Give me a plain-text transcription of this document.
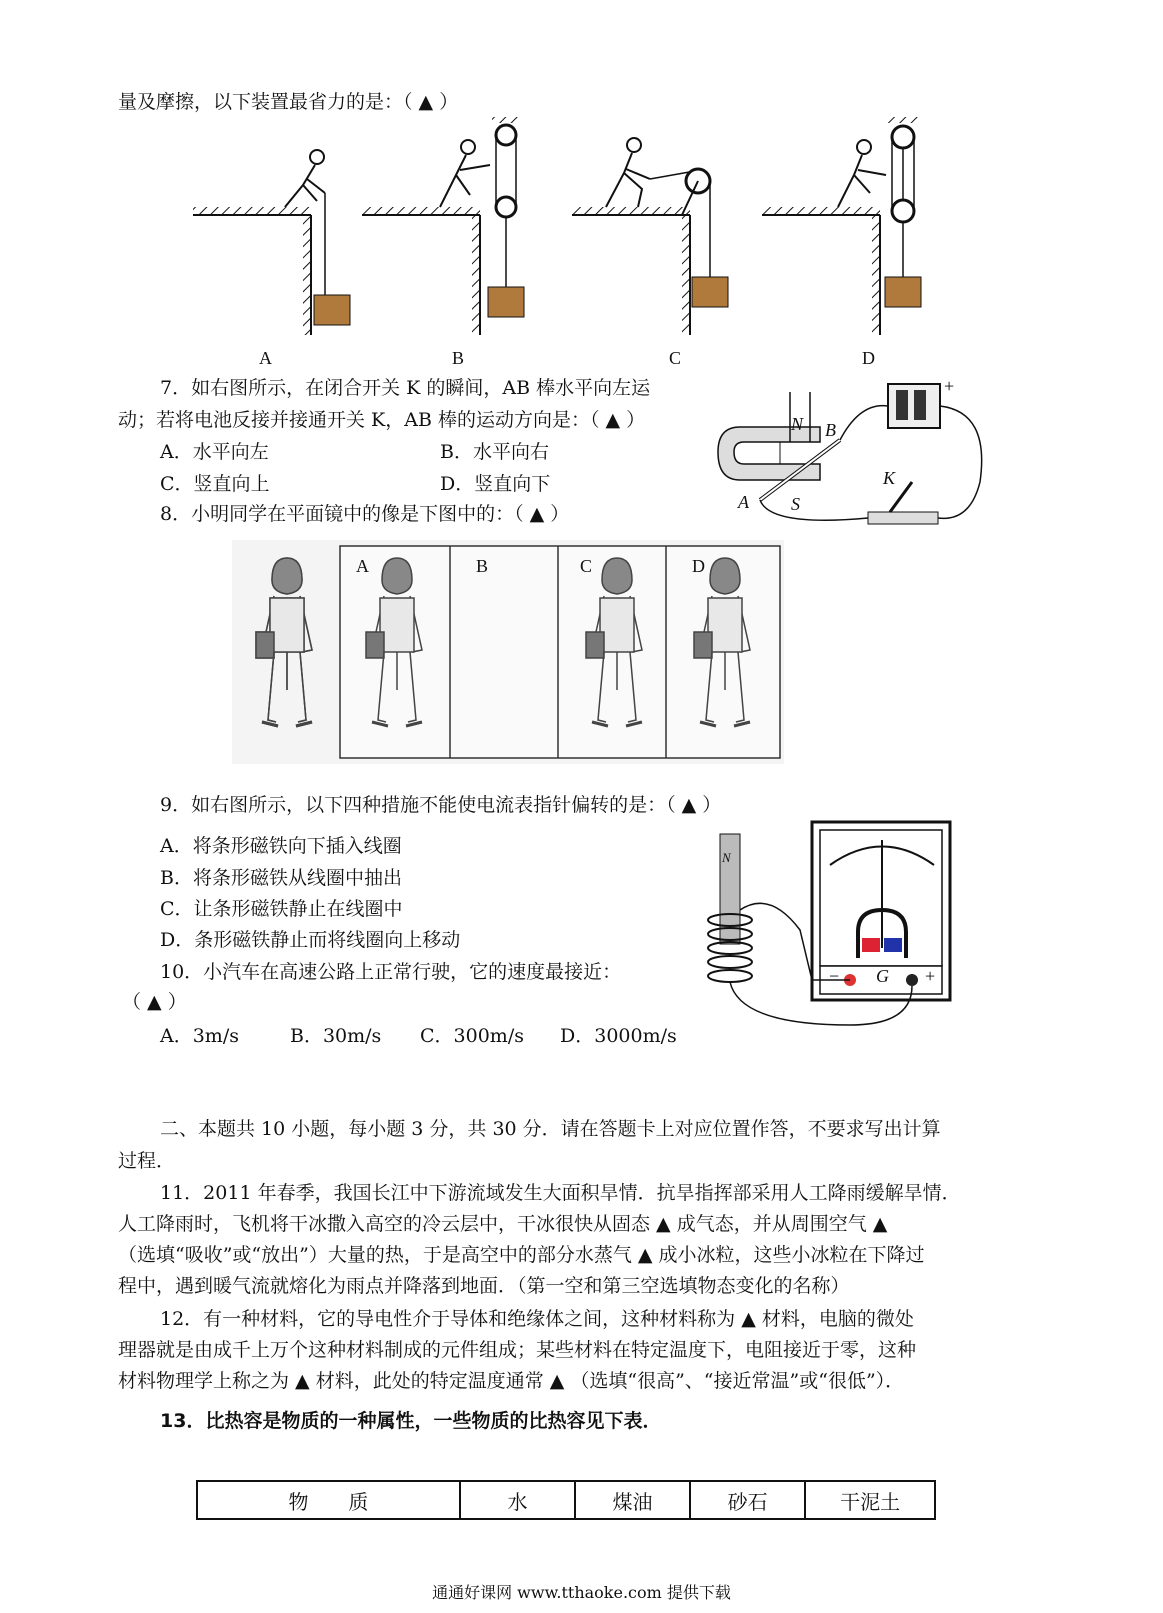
量及摩擦，以下装置最省力的是：（ ▲ ）
A	B	C	D
7．如右图所示，在闭合开关 K 的瞬间，AB 棒水平向左运
动；若将电池反接并接通开关 K，AB 棒的运动方向是：（ ▲ ）
A．水平向左	B．水平向右
C．竖直向上	D．竖直向下
N B
A S
K
+
8．小明同学在平面镜中的像是下图中的：（ ▲ ）
A	B	C	D
9．如右图所示，以下四种措施不能使电流表指针偏转的是：（ ▲ ）
A．将条形磁铁向下插入线圈
B．将条形磁铁从线圈中抽出
C．让条形磁铁静止在线圈中
D．条形磁铁静止而将线圈向上移动
N
G
−	+
10．小汽车在高速公路上正常行驶，它的速度最接近：
（ ▲ ）
A．3m/s	B．30m/s C．300m/s D．3000m/s
二、本题共 10 小题，每小题 3 分，共 30 分．请在答题卡上对应位置作答，不要求写出计算
过程．
11．2011 年春季，我国长江中下游流域发生大面积旱情．抗旱指挥部采用人工降雨缓解旱情．
人工降雨时，飞机将干冰撒入高空的冷云层中，干冰很快从固态 ▲ 成气态，并从周围空气 ▲
（选填“吸收”或“放出”）大量的热，于是高空中的部分水蒸气 ▲ 成小冰粒，这些小冰粒在下降过
程中，遇到暖气流就熔化为雨点并降落到地面．（第一空和第三空选填物态变化的名称）
12．有一种材料，它的导电性介于导体和绝缘体之间，这种材料称为 ▲ 材料，电脑的微处
理器就是由成千上万个这种材料制成的元件组成；某些材料在特定温度下，电阻接近于零，这种
材料物理学上称之为 ▲ 材料，此处的特定温度通常 ▲ （选填“很高”、“接近常温”或“很低”）．
13．比热容是物质的一种属性，一些物质的比热容见下表．
物　　质	水	煤油	砂石	干泥土
通通好课网 www.tthaoke.com 提供下载
